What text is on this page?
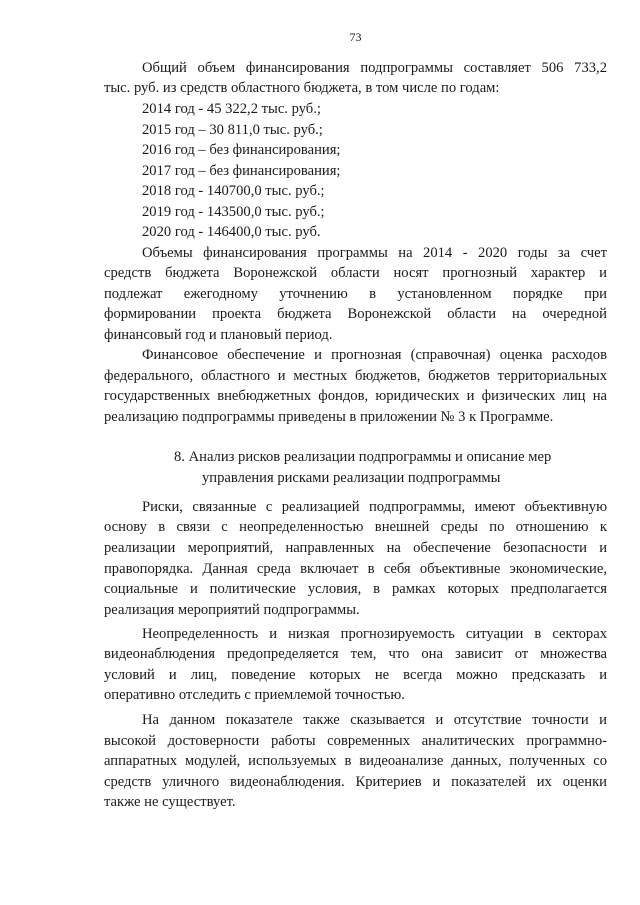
73
Общий объем финансирования подпрограммы составляет 506 733,2
тыс. руб. из средств областного бюджета, в том числе по годам:
2014 год - 45 322,2 тыс. руб.;
2015 год – 30 811,0 тыс. руб.;
2016 год – без финансирования;
2017 год – без финансирования;
2018 год - 140700,0 тыс. руб.;
2019 год - 143500,0 тыс. руб.;
2020 год - 146400,0 тыс. руб.
Объемы финансирования программы на 2014 - 2020 годы за счет
средств бюджета Воронежской области носят прогнозный характер и
подлежат ежегодному уточнению в установленном порядке при
формировании проекта бюджета Воронежской области на очередной
финансовый год и плановый период.
Финансовое обеспечение и прогнозная (справочная) оценка расходов
федерального, областного и местных бюджетов, бюджетов территориальных
государственных внебюджетных фондов, юридических и физических лиц на
реализацию подпрограммы приведены в приложении № 3 к Программе.
8. Анализ рисков реализации подпрограммы и описание мер
управления рисками реализации подпрограммы
Риски, связанные с реализацией подпрограммы, имеют объективную
основу в связи с неопределенностью внешней среды по отношению к
реализации мероприятий, направленных на обеспечение безопасности и
правопорядка. Данная среда включает в себя объективные экономические,
социальные и политические условия, в рамках которых предполагается
реализация мероприятий подпрограммы.
Неопределенность и низкая прогнозируемость ситуации в секторах
видеонаблюдения предопределяется тем, что она зависит от множества
условий и лиц, поведение которых не всегда можно предсказать и
оперативно отследить с приемлемой точностью.
На данном показателе также сказывается и отсутствие точности и
высокой достоверности работы современных аналитических программно-
аппаратных модулей, используемых в видеоанализе данных, полученных со
средств уличного видеонаблюдения. Критериев и показателей их оценки
также не существует.
